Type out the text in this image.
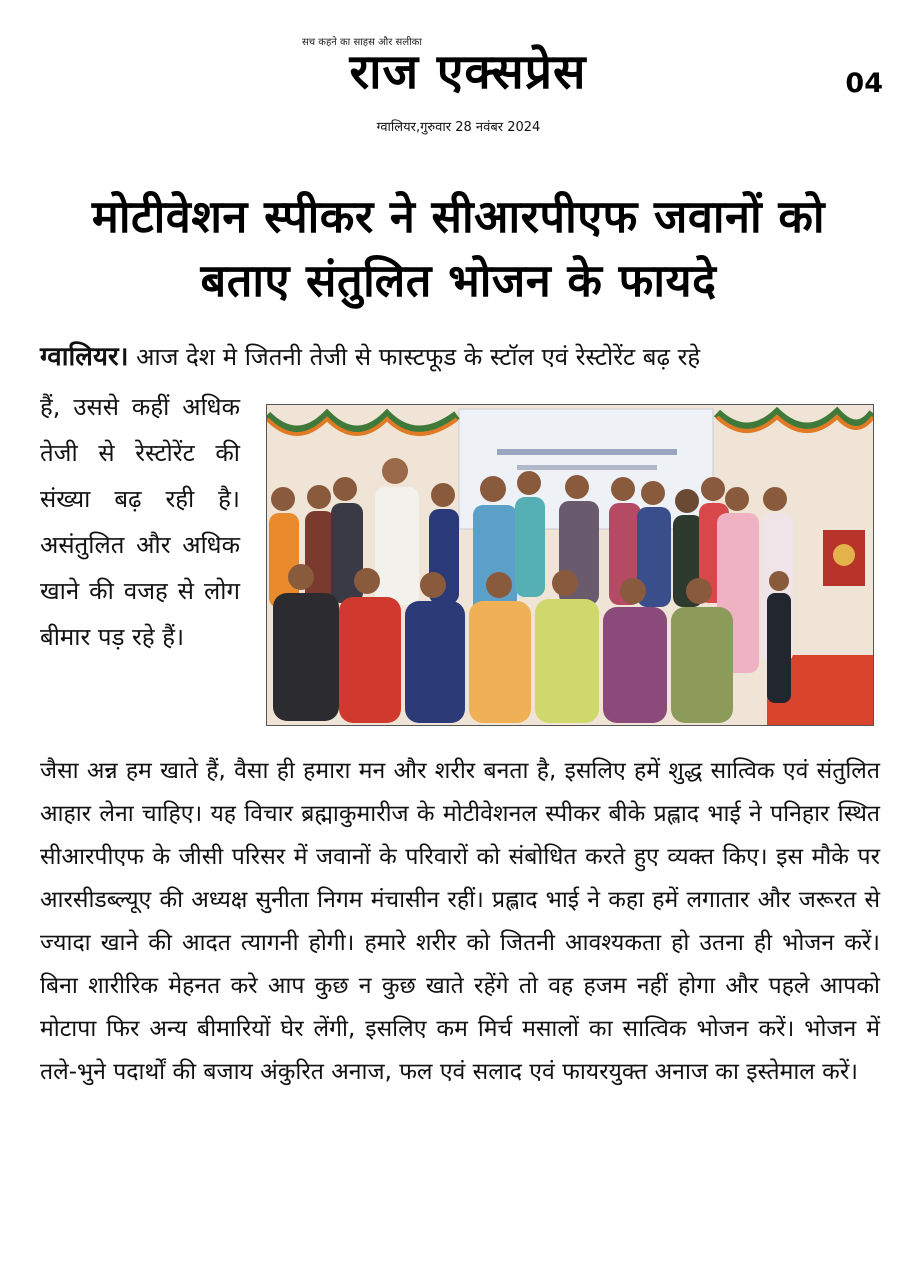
सच कहने का साहस और सलीका
राज एक्सप्रेस	04
ग्वालियर,गुरुवार 28 नवंबर 2024
मोटीवेशन स्पीकर ने सीआरपीएफ जवानों को
बताए संतुलित भोजन के फायदे
ग्वालियर। आज देश मे जितनी तेजी से फास्टफूड के स्टॉल एवं रेस्टोरेंट बढ़ रहे
हैं, उससे कहीं अधिक तेजी से रेस्टोरेंट की संख्या बढ़ रही है। असंतुलित और अधिक खाने की वजह से लोग बीमार पड़ रहे हैं।
जैसा अन्न हम खाते हैं, वैसा ही हमारा मन और शरीर बनता है, इसलिए हमें शुद्ध सात्विक एवं संतुलित आहार लेना चाहिए। यह विचार ब्रह्माकुमारीज के मोटीवेशनल स्पीकर बीके प्रह्लाद भाई ने पनिहार स्थित सीआरपीएफ के जीसी परिसर में जवानों के परिवारों को संबोधित करते हुए व्यक्त किए। इस मौके पर आरसीडब्ल्यूए की अध्यक्ष सुनीता निगम मंचासीन रहीं। प्रह्लाद भाई ने कहा हमें लगातार और जरूरत से ज्यादा खाने की आदत त्यागनी होगी। हमारे शरीर को जितनी आवश्यकता हो उतना ही भोजन करें। बिना शारीरिक मेहनत करे आप कुछ न कुछ खाते रहेंगे तो वह हजम नहीं होगा और पहले आपको मोटापा फिर अन्य बीमारियों घेर लेंगी, इसलिए कम मिर्च मसालों का सात्विक भोजन करें। भोजन में तले-भुने पदार्थों की बजाय अंकुरित अनाज, फल एवं सलाद एवं फायरयुक्त अनाज का इस्तेमाल करें।
